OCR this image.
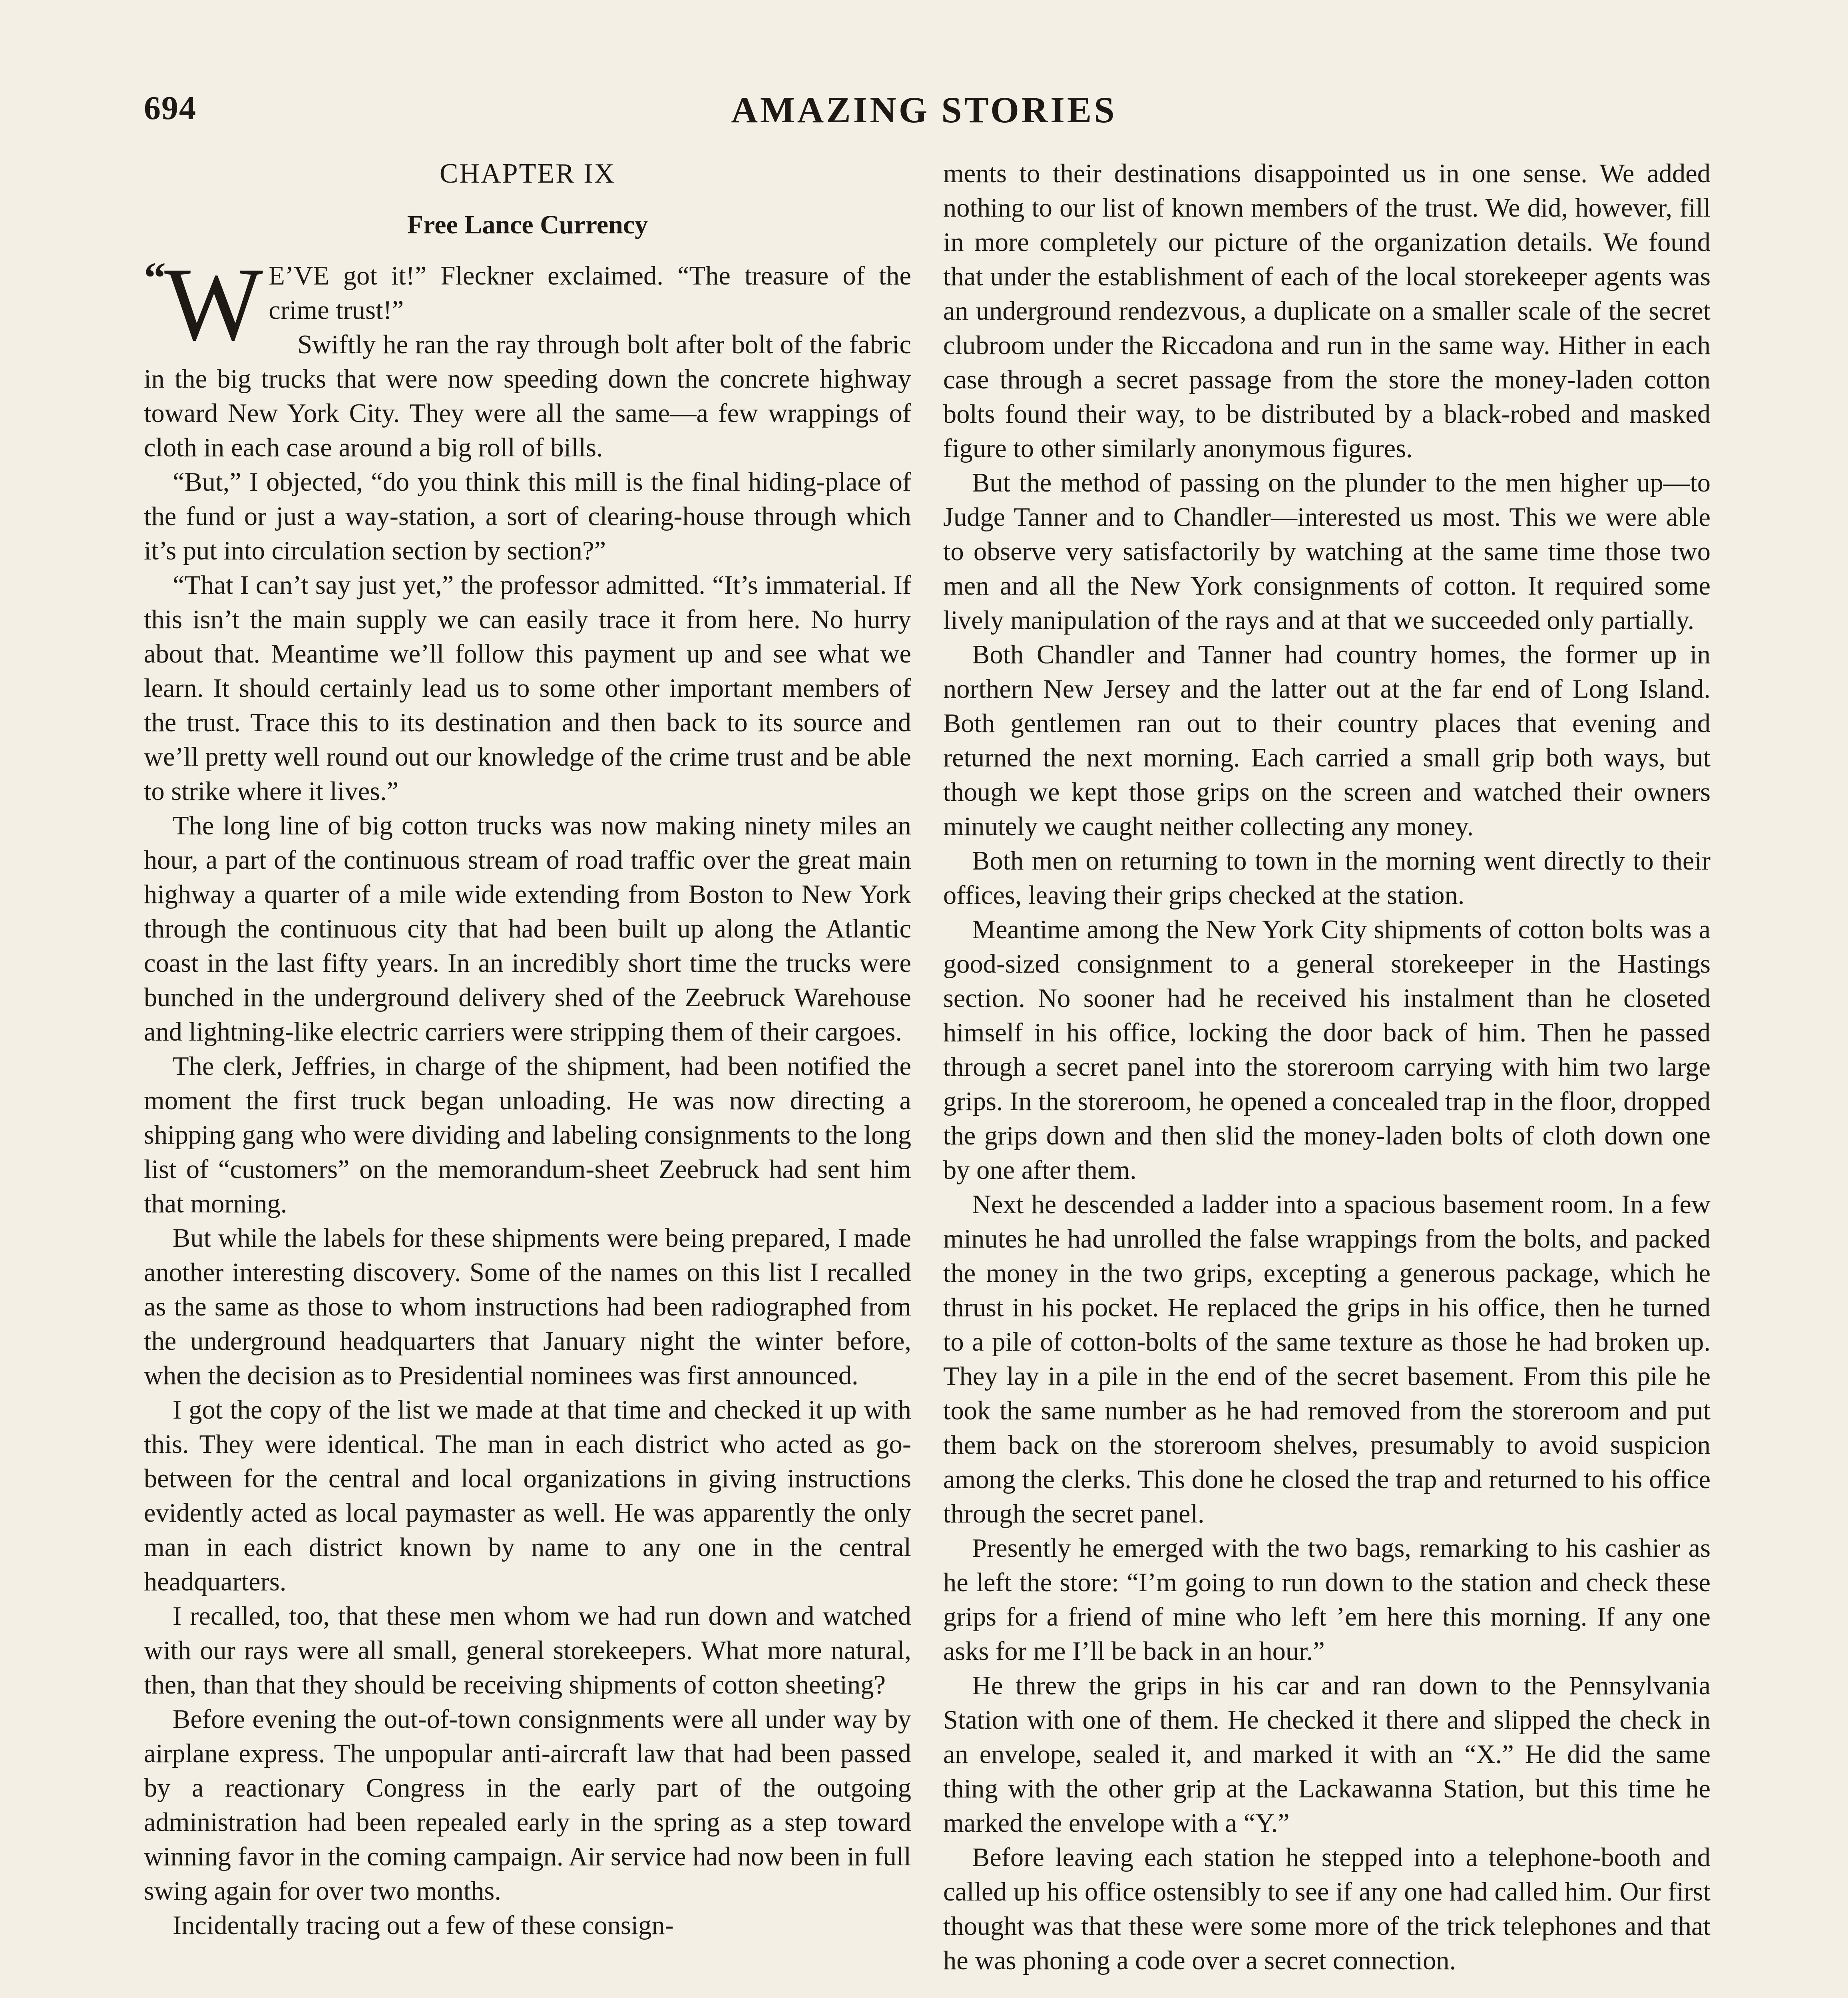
694	AMAZING STORIES
CHAPTER IX
Free Lance Currency

“
W E’VE got it!” Fleckner exclaimed. “The treasure of the crime trust!”

Swiftly he ran the ray through bolt after bolt of the fabric in the big trucks that were now speeding down the concrete highway toward New York City. They were all the same—a few wrappings of cloth in each case around a big roll of bills.

“But,” I objected, “do you think this mill is the final hiding-place of the fund or just a way-station, a sort of clearing-house through which it’s put into circulation section by section?”

“That I can’t say just yet,” the professor admitted. “It’s immaterial. If this isn’t the main supply we can easily trace it from here. No hurry about that. Meantime we’ll follow this payment up and see what we learn. It should certainly lead us to some other important members of the trust. Trace this to its destination and then back to its source and we’ll pretty well round out our knowledge of the crime trust and be able to strike where it lives.”

The long line of big cotton trucks was now making ninety miles an hour, a part of the continuous stream of road traffic over the great main highway a quarter of a mile wide extending from Boston to New York through the continuous city that had been built up along the Atlantic coast in the last fifty years. In an incredibly short time the trucks were bunched in the underground delivery shed of the Zeebruck Warehouse and lightning-like electric carriers were stripping them of their cargoes.

The clerk, Jeffries, in charge of the shipment, had been notified the moment the first truck began unloading. He was now directing a shipping gang who were dividing and labeling consignments to the long list of “customers” on the memorandum-sheet Zeebruck had sent him that morning.

But while the labels for these shipments were being prepared, I made another interesting discovery. Some of the names on this list I recalled as the same as those to whom instructions had been radiographed from the underground headquarters that January night the winter before, when the decision as to Presidential nominees was first announced.

I got the copy of the list we made at that time and checked it up with this. They were identical. The man in each district who acted as go-between for the central and local organizations in giving instructions evidently acted as local paymaster as well. He was apparently the only man in each district known by name to any one in the central headquarters.

I recalled, too, that these men whom we had run down and watched with our rays were all small, general storekeepers. What more natural, then, than that they should be receiving shipments of cotton sheeting?

Before evening the out-of-town consignments were all under way by airplane express. The unpopular anti-aircraft law that had been passed by a reactionary Congress in the early part of the outgoing administration had been repealed early in the spring as a step toward winning favor in the coming campaign. Air service had now been in full swing again for over two months.

Incidentally tracing out a few of these consign-

ments to their destinations disappointed us in one sense. We added nothing to our list of known members of the trust. We did, however, fill in more completely our picture of the organization details. We found that under the establishment of each of the local storekeeper agents was an underground rendezvous, a duplicate on a smaller scale of the secret clubroom under the Riccadona and run in the same way. Hither in each case through a secret passage from the store the money-laden cotton bolts found their way, to be distributed by a black-robed and masked figure to other similarly anonymous figures.

But the method of passing on the plunder to the men higher up—to Judge Tanner and to Chandler—interested us most. This we were able to observe very satisfactorily by watching at the same time those two men and all the New York consignments of cotton. It required some lively manipulation of the rays and at that we succeeded only partially.

Both Chandler and Tanner had country homes, the former up in northern New Jersey and the latter out at the far end of Long Island. Both gentlemen ran out to their country places that evening and returned the next morning. Each carried a small grip both ways, but though we kept those grips on the screen and watched their owners minutely we caught neither collecting any money.

Both men on returning to town in the morning went directly to their offices, leaving their grips checked at the station.

Meantime among the New York City shipments of cotton bolts was a good-sized consignment to a general storekeeper in the Hastings section. No sooner had he received his instalment than he closeted himself in his office, locking the door back of him. Then he passed through a secret panel into the storeroom carrying with him two large grips. In the storeroom, he opened a concealed trap in the floor, dropped the grips down and then slid the money-laden bolts of cloth down one by one after them.

Next he descended a ladder into a spacious basement room. In a few minutes he had unrolled the false wrappings from the bolts, and packed the money in the two grips, excepting a generous package, which he thrust in his pocket. He replaced the grips in his office, then he turned to a pile of cotton-bolts of the same texture as those he had broken up. They lay in a pile in the end of the secret basement. From this pile he took the same number as he had removed from the storeroom and put them back on the storeroom shelves, presumably to avoid suspicion among the clerks. This done he closed the trap and returned to his office through the secret panel.

Presently he emerged with the two bags, remarking to his cashier as he left the store: “I’m going to run down to the station and check these grips for a friend of mine who left ’em here this morning. If any one asks for me I’ll be back in an hour.”

He threw the grips in his car and ran down to the Pennsylvania Station with one of them. He checked it there and slipped the check in an envelope, sealed it, and marked it with an “X.” He did the same thing with the other grip at the Lackawanna Station, but this time he marked the envelope with a “Y.”

Before leaving each station he stepped into a telephone-booth and called up his office ostensibly to see if any one had called him. Our first thought was that these were some more of the trick telephones and that he was phoning a code over a secret connection.
